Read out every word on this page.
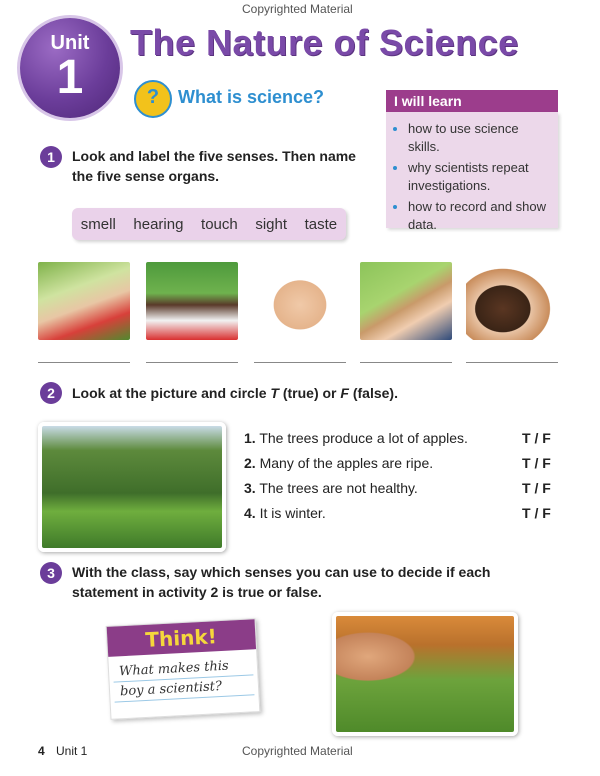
Copyrighted Material
Copyrighted Material
Unit
1
The Nature of Science
?	What is science?	I will learn
• how to use science skills.
• why scientists repeat investigations.
• how to record and show data.
1	Look and label the five senses. Then name the five sense organs.
smell hearing touch sight taste
2	Look at the picture and circle T (true) or F (false).
1. The trees produce a lot of apples.	T / F
2. Many of the apples are ripe.	T / F
3. The trees are not healthy.	T / F
4. It is winter.	T / F
3	With the class, say which senses you can use to decide if each statement in activity 2 is true or false.
Think!
What makes this
boy a scientist?
4 Unit 1
